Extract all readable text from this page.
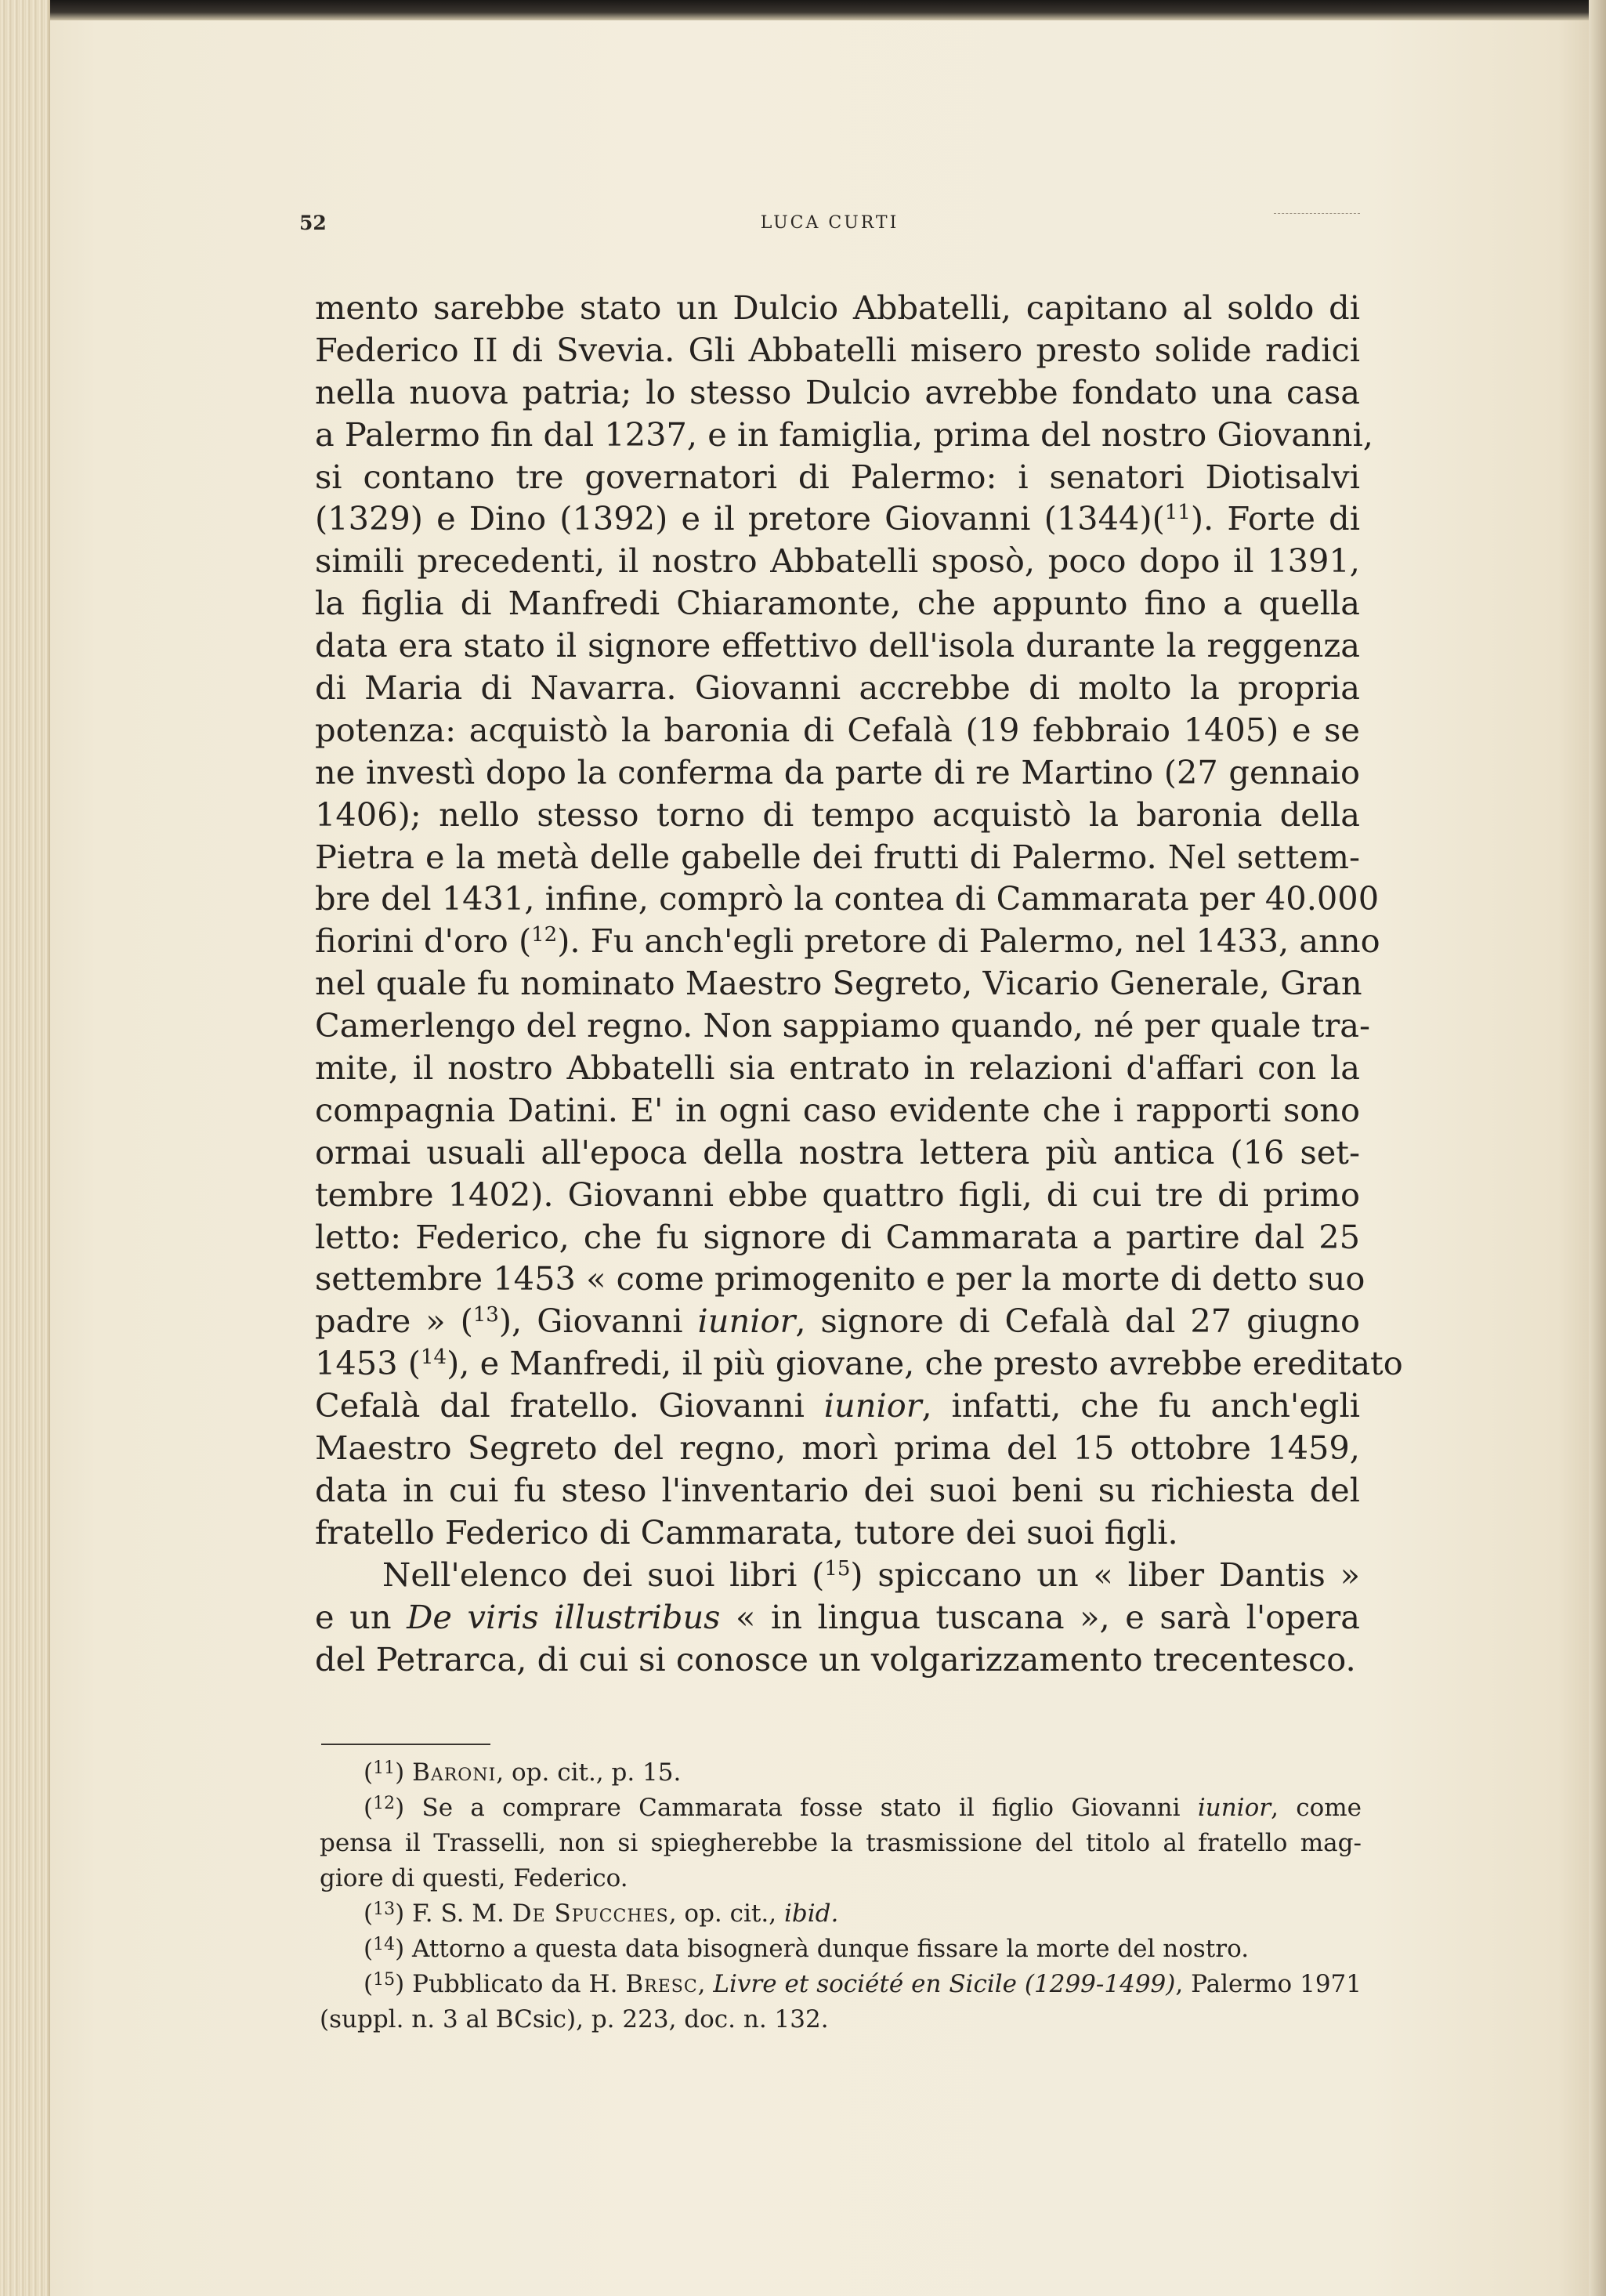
52	LUCA CURTI
mento sarebbe stato un Dulcio Abbatelli, capitano al soldo di
Federico II di Svevia. Gli Abbatelli misero presto solide radici
nella nuova patria; lo stesso Dulcio avrebbe fondato una casa
a Palermo fin dal 1237, e in famiglia, prima del nostro Giovanni,
si contano tre governatori di Palermo: i senatori Diotisalvi
(1329) e Dino (1392) e il pretore Giovanni (1344)($^{11}$). Forte di
simili precedenti, il nostro Abbatelli sposò, poco dopo il 1391,
la figlia di Manfredi Chiaramonte, che appunto fino a quella
data era stato il signore effettivo dell'isola durante la reggenza
di Maria di Navarra. Giovanni accrebbe di molto la propria
potenza: acquistò la baronia di Cefalà (19 febbraio 1405) e se
ne investì dopo la conferma da parte di re Martino (27 gennaio
1406); nello stesso torno di tempo acquistò la baronia della
Pietra e la metà delle gabelle dei frutti di Palermo. Nel settem-
bre del 1431, infine, comprò la contea di Cammarata per 40.000
fiorini d'oro ($^{12}$). Fu anch'egli pretore di Palermo, nel 1433, anno
nel quale fu nominato Maestro Segreto, Vicario Generale, Gran
Camerlengo del regno. Non sappiamo quando, né per quale tra-
mite, il nostro Abbatelli sia entrato in relazioni d'affari con la
compagnia Datini. E' in ogni caso evidente che i rapporti sono
ormai usuali all'epoca della nostra lettera più antica (16 set-
tembre 1402). Giovanni ebbe quattro figli, di cui tre di primo
letto: Federico, che fu signore di Cammarata a partire dal 25
settembre 1453 « come primogenito e per la morte di detto suo
padre » ($^{13}$), Giovanni iunior, signore di Cefalà dal 27 giugno
1453 ($^{14}$), e Manfredi, il più giovane, che presto avrebbe ereditato
Cefalà dal fratello. Giovanni iunior, infatti, che fu anch'egli
Maestro Segreto del regno, morì prima del 15 ottobre 1459,
data in cui fu steso l'inventario dei suoi beni su richiesta del
fratello Federico di Cammarata, tutore dei suoi figli.
Nell'elenco dei suoi libri ($^{15}$) spiccano un « liber Dantis »
e un De viris illustribus « in lingua tuscana », e sarà l'opera
del Petrarca, di cui si conosce un volgarizzamento trecentesco.
($^{11}$) Baroni, op. cit., p. 15.
($^{12}$) Se a comprare Cammarata fosse stato il figlio Giovanni iunior, come
pensa il Trasselli, non si spiegherebbe la trasmissione del titolo al fratello mag-
giore di questi, Federico.
($^{13}$) F. S. M. De Spucches, op. cit., ibid.
($^{14}$) Attorno a questa data bisognerà dunque fissare la morte del nostro.
($^{15}$) Pubblicato da H. Bresc, Livre et société en Sicile (1299-1499), Palermo 1971
(suppl. n. 3 al BCsic), p. 223, doc. n. 132.
